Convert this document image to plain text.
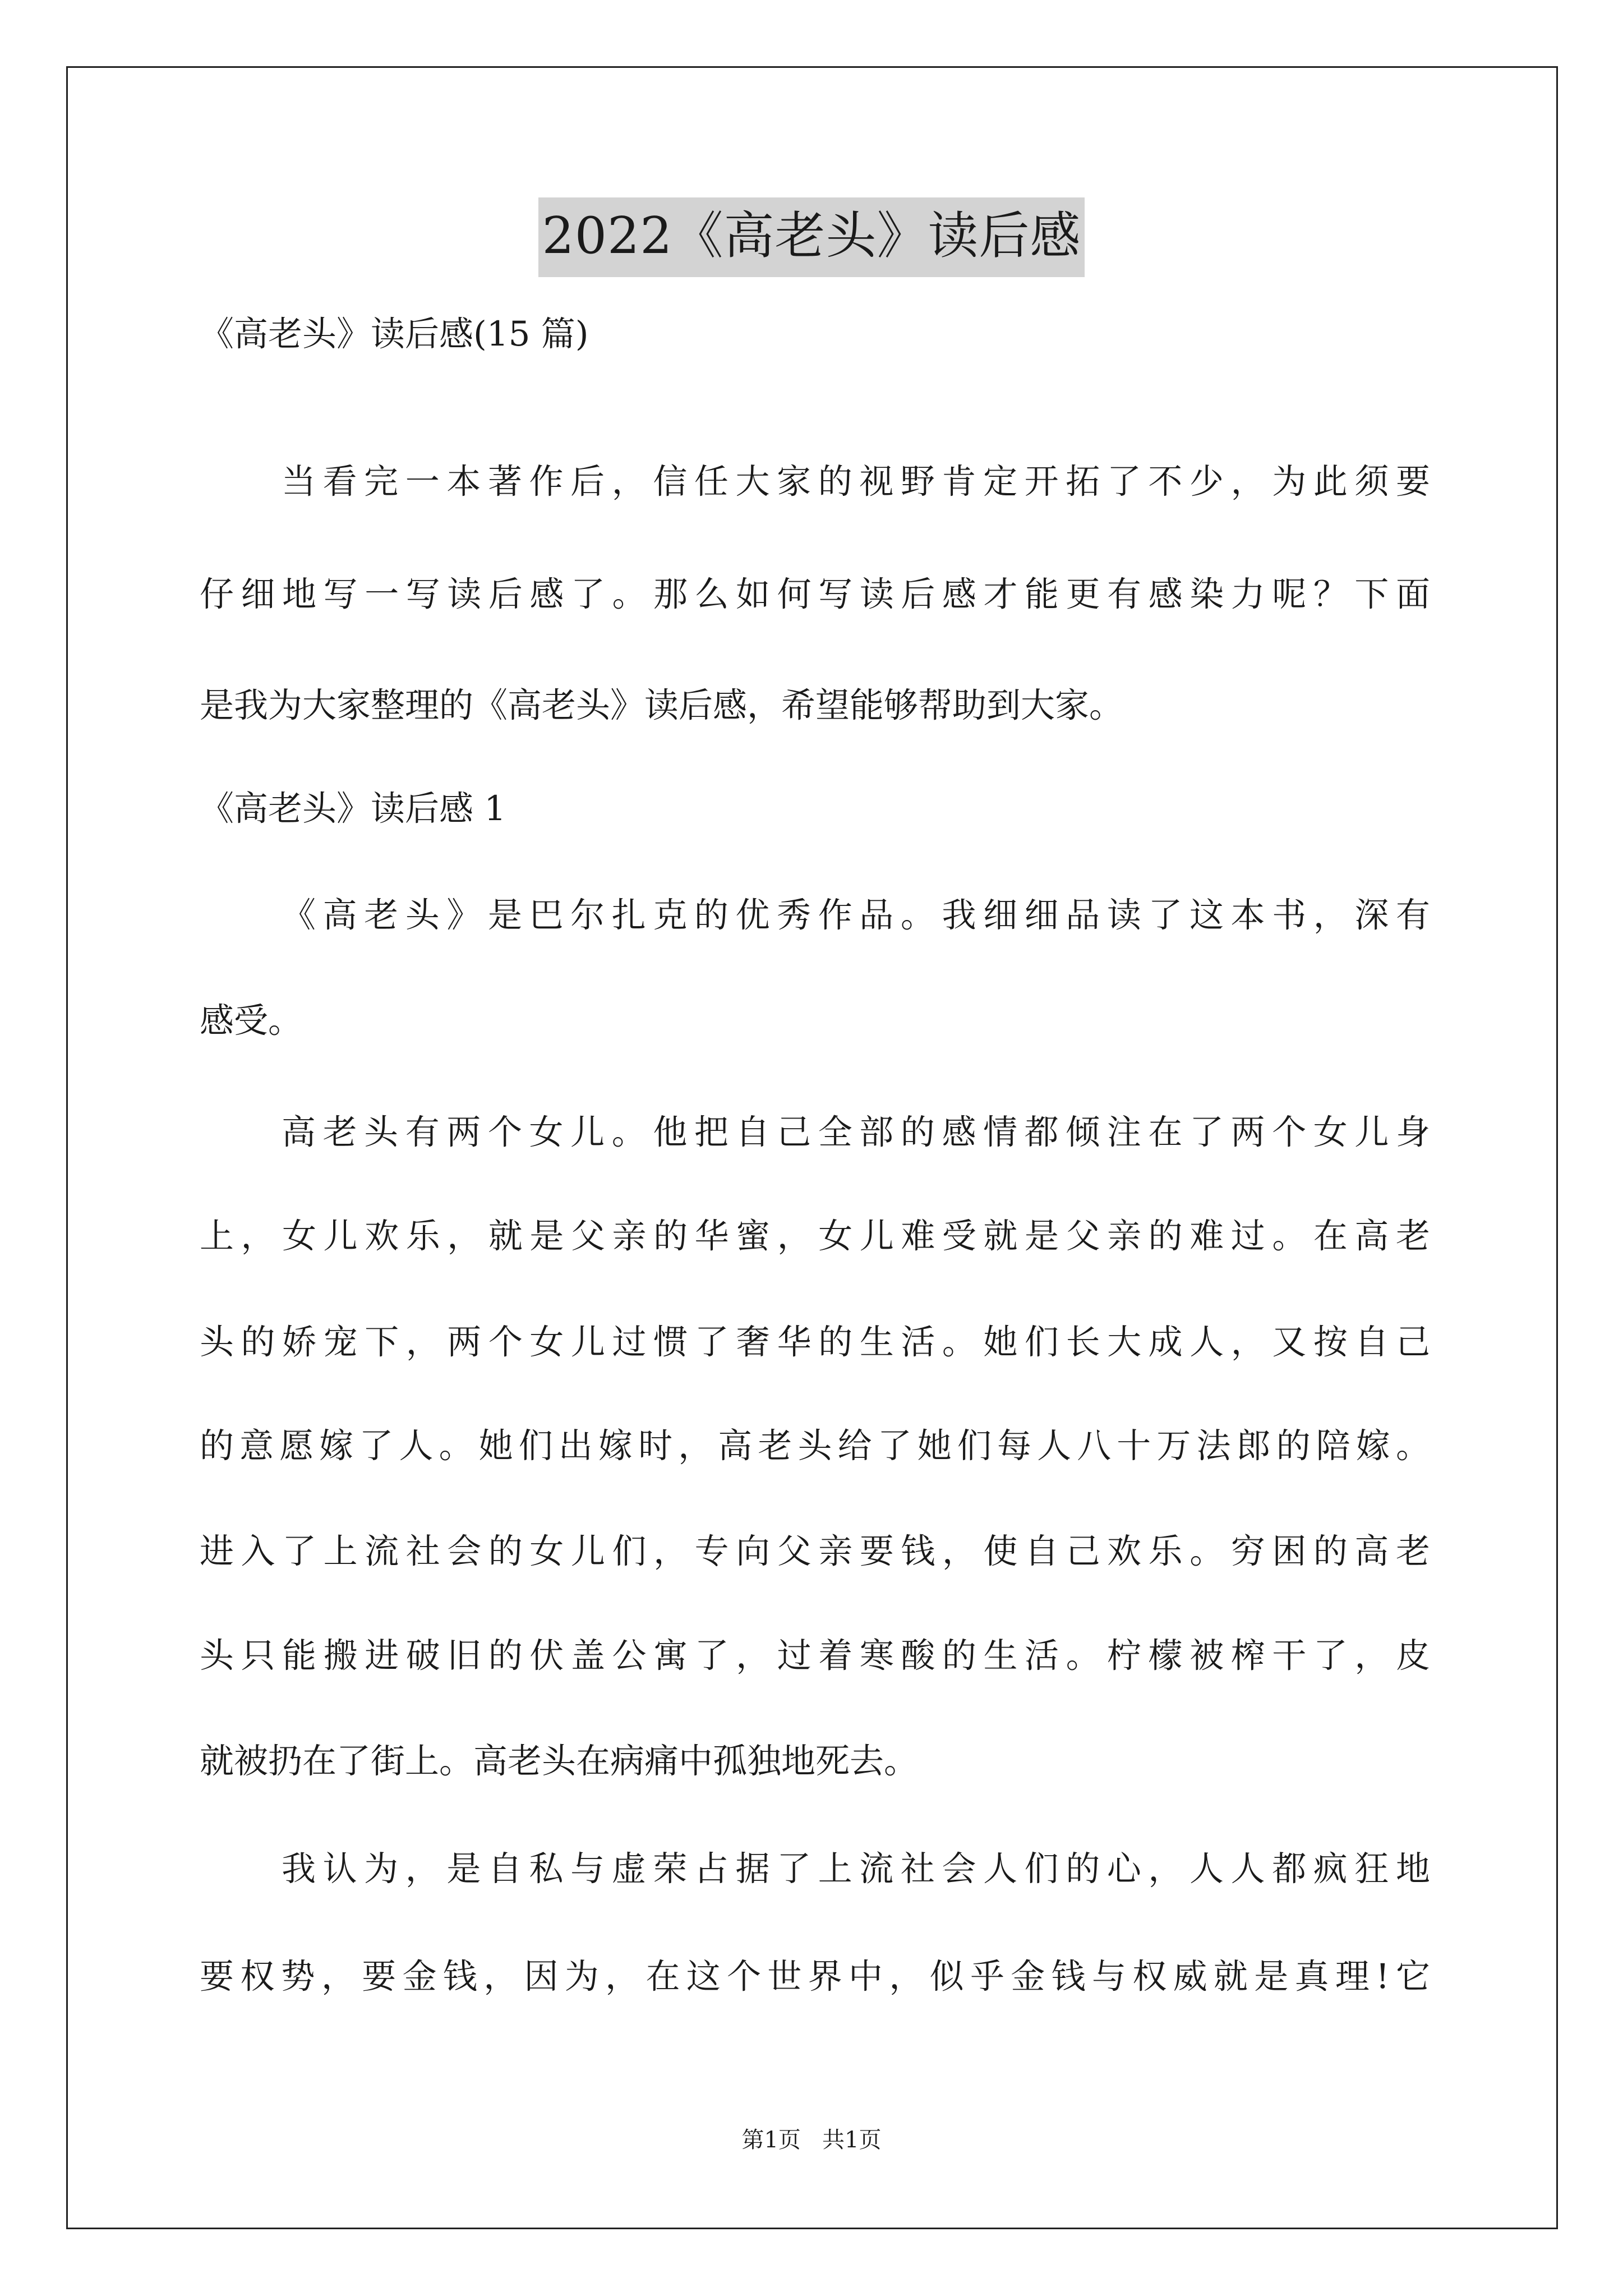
2022《高老头》读后感
《高老头》读后感(15 篇)
当看完一本著作后，信任大家的视野肯定开拓了不少，为此须要
仔细地写一写读后感了。那么如何写读后感才能更有感染力呢？下面
是我为大家整理的《高老头》读后感，希望能够帮助到大家。
《高老头》读后感 1
《高老头》是巴尔扎克的优秀作品。我细细品读了这本书，深有
感受。
高老头有两个女儿。他把自己全部的感情都倾注在了两个女儿身
上，女儿欢乐，就是父亲的华蜜，女儿难受就是父亲的难过。在高老
头的娇宠下，两个女儿过惯了奢华的生活。她们长大成人，又按自己
的意愿嫁了人。她们出嫁时，高老头给了她们每人八十万法郎的陪嫁。
进入了上流社会的女儿们，专向父亲要钱，使自己欢乐。穷困的高老
头只能搬进破旧的伏盖公寓了，过着寒酸的生活。柠檬被榨干了，皮
就被扔在了街上。高老头在病痛中孤独地死去。
我认为，是自私与虚荣占据了上流社会人们的心，人人都疯狂地
要权势，要金钱，因为，在这个世界中，似乎金钱与权威就是真理!它
第1页   共1页
